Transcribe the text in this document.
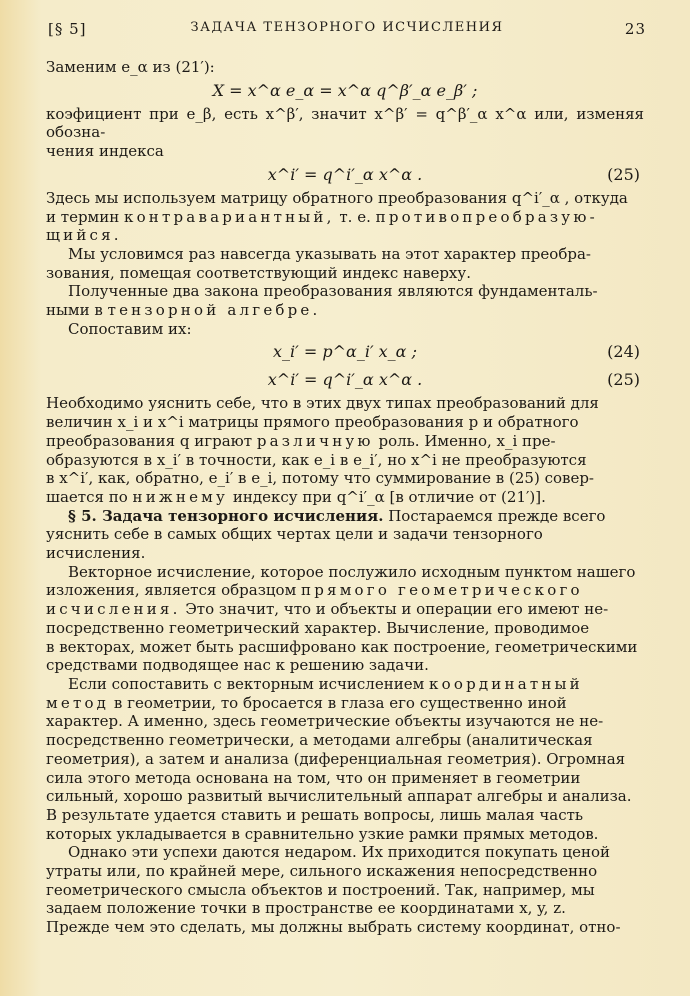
[§ 5]	ЗАДАЧА ТЕНЗОРНОГО ИСЧИСЛЕНИЯ	23

Заменим e_α из (21′):

X = x^α e_α = x^α q^β′_α e_β′ ;

коэфициент при e_β, есть x^β′, значит x^β′ = q^β′_α x^α или, изменяя обозна-

чения индекса

x^i′ = q^i′_α x^α .	(25)

Здесь мы используем матрицу обратного преобразования q^i′_α , откуда

и термин контравариантный, т. е. противопреобразую-

щийся.

Мы условимся раз навсегда указывать на этот характер преобра-

зования, помещая соответствующий индекс наверху.

Полученные два закона преобразования являются фундаменталь-

ными в тензорной алгебре.

Сопоставим их:

x_i′ = p^α_i′ x_α ;	(24)
x^i′ = q^i′_α x^α .	(25)

Необходимо уяснить себе, что в этих двух типах преобразований для

величин x_i и x^i матрицы прямого преобразования p и обратного

преобразования q играют различную роль. Именно, x_i пре-

образуются в x_i′ в точности, как e_i в e_i′, но x^i не преобразуются

в x^i′, как, обратно, e_i′ в e_i, потому что суммирование в (25) совер-

шается по нижнему индексу при q^i′_α [в отличие от (21′)].

§ 5. Задача тензорного исчисления. Постараемся прежде всего

уяснить себе в самых общих чертах цели и задачи тензорного

исчисления.

Векторное исчисление, которое послужило исходным пунктом нашего

изложения, является образцом прямого геометрического

исчисления. Это значит, что и объекты и операции его имеют не-

посредственно геометрический характер. Вычисление, проводимое

в векторах, может быть расшифровано как построение, геометрическими

средствами подводящее нас к решению задачи.

Если сопоставить с векторным исчислением координатный

метод в геометрии, то бросается в глаза его существенно иной

характер. А именно, здесь геометрические объекты изучаются не не-

посредственно геометрически, а методами алгебры (аналитическая

геометрия), а затем и анализа (диференциальная геометрия). Огромная

сила этого метода основана на том, что он применяет в геометрии

сильный, хорошо развитый вычислительный аппарат алгебры и анализа.

В результате удается ставить и решать вопросы, лишь малая часть

которых укладывается в сравнительно узкие рамки прямых методов.

Однако эти успехи даются недаром. Их приходится покупать ценой

утраты или, по крайней мере, сильного искажения непосредственно

геометрического смысла объектов и построений. Так, например, мы

задаем положение точки в пространстве ее координатами x, y, z.

Прежде чем это сделать, мы должны выбрать систему координат, отно-
